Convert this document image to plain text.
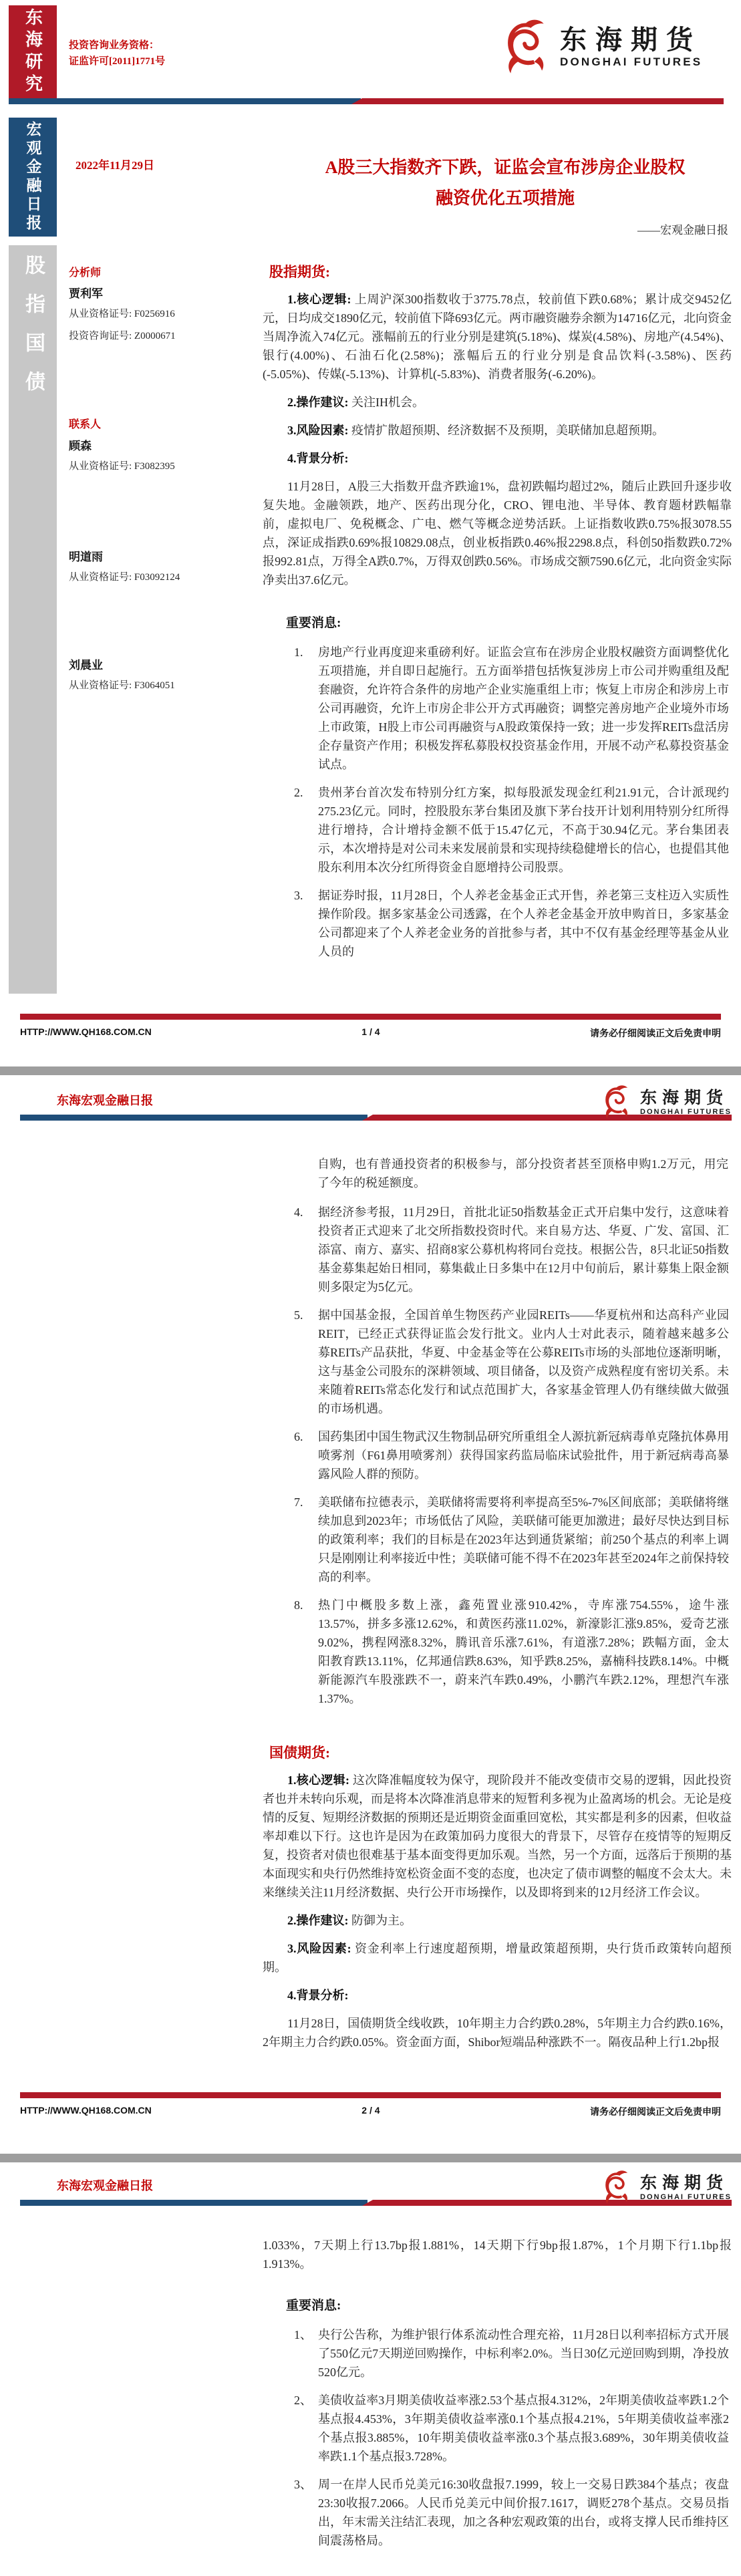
东海研究	投资咨询业务资格：
证监许可[2011]1771号
东海期货
DONGHAI FUTURES
宏观金融日报
股指国债
2022年11月29日	A股三大指数齐下跌，证监会宣布涉房企业股权
融资优化五项措施
——宏观金融日报
分析师
贾利军
从业资格证号: F0256916
投资咨询证号: Z0000671
联系人
顾森
从业资格证号: F3082395
明道雨
从业资格证号: F03092124
刘晨业
从业资格证号: F3064051
股指期货:
1.核心逻辑: 上周沪深300指数收于3775.78点，较前值下跌0.68%；累计成交9452亿元，日均成交1890亿元，较前值下降693亿元。两市融资融券余额为14716亿元，北向资金当周净流入74亿元。涨幅前五的行业分别是建筑(5.18%)、煤炭(4.58%)、房地产(4.54%)、银行(4.00%)、石油石化(2.58%)；涨幅后五的行业分别是食品饮料(-3.58%)、医药(-5.05%)、传媒(-5.13%)、计算机(-5.83%)、消费者服务(-6.20%)。
2.操作建议: 关注IH机会。
3.风险因素: 疫情扩散超预期、经济数据不及预期，美联储加息超预期。
4.背景分析:
11月28日，A股三大指数开盘齐跌逾1%，盘初跌幅均超过2%，随后止跌回升逐步收复失地。金融领跌，地产、医药出现分化，CRO、锂电池、半导体、教育题材跌幅靠前，虚拟电厂、免税概念、广电、燃气等概念逆势活跃。上证指数收跌0.75%报3078.55点，深证成指跌0.69%报10829.08点，创业板指跌0.46%报2298.8点，科创50指数跌0.72%报992.81点，万得全A跌0.7%，万得双创跌0.56%。市场成交额7590.6亿元，北向资金实际净卖出37.6亿元。
重要消息:
1.	房地产行业再度迎来重磅利好。证监会宣布在涉房企业股权融资方面调整优化五项措施，并自即日起施行。五方面举措包括恢复涉房上市公司并购重组及配套融资，允许符合条件的房地产企业实施重组上市；恢复上市房企和涉房上市公司再融资，允许上市房企非公开方式再融资；调整完善房地产企业境外市场上市政策，H股上市公司再融资与A股政策保持一致；进一步发挥REITs盘活房企存量资产作用；积极发挥私募股权投资基金作用，开展不动产私募投资基金试点。
2.	贵州茅台首次发布特别分红方案，拟每股派发现金红利21.91元，合计派现约275.23亿元。同时，控股股东茅台集团及旗下茅台技开计划利用特别分红所得进行增持，合计增持金额不低于15.47亿元，不高于30.94亿元。茅台集团表示，本次增持是对公司未来发展前景和实现持续稳健增长的信心，也提倡其他股东利用本次分红所得资金自愿增持公司股票。
3.	据证券时报，11月28日，个人养老金基金正式开售，养老第三支柱迈入实质性操作阶段。据多家基金公司透露，在个人养老金基金开放申购首日，多家基金公司都迎来了个人养老金业务的首批参与者，其中不仅有基金经理等基金从业人员的
HTTP://WWW.QH168.COM.CN	1 / 4	请务必仔细阅读正文后免责申明
东海宏观金融日报	东海期货
DONGHAI FUTURES
自购，也有普通投资者的积极参与，部分投资者甚至顶格申购1.2万元，用完了今年的税延额度。
4.	据经济参考报，11月29日，首批北证50指数基金正式开启集中发行，这意味着投资者正式迎来了北交所指数投资时代。来自易方达、华夏、广发、富国、汇添富、南方、嘉实、招商8家公募机构将同台竞技。根据公告，8只北证50指数基金募集起始日相同，募集截止日多集中在12月中旬前后，累计募集上限金额则多限定为5亿元。
5.	据中国基金报，全国首单生物医药产业园REITs——华夏杭州和达高科产业园REIT，已经正式获得证监会发行批文。业内人士对此表示，随着越来越多公募REITs产品获批，华夏、中金基金等在公募REITs市场的头部地位逐渐明晰，这与基金公司股东的深耕领域、项目储备，以及资产成熟程度有密切关系。未来随着REITs常态化发行和试点范围扩大，各家基金管理人仍有继续做大做强的市场机遇。
6.	国药集团中国生物武汉生物制品研究所重组全人源抗新冠病毒单克隆抗体鼻用喷雾剂（F61鼻用喷雾剂）获得国家药监局临床试验批件，用于新冠病毒高暴露风险人群的预防。
7.	美联储布拉德表示，美联储将需要将利率提高至5%-7%区间底部；美联储将继续加息到2023年；市场低估了风险，美联储可能更加激进；最好尽快达到目标的政策利率；我们的目标是在2023年达到通货紧缩；前250个基点的利率上调只是刚刚让利率接近中性；美联储可能不得不在2023年甚至2024年之前保持较高的利率。
8.	热门中概股多数上涨，鑫苑置业涨910.42%，寺库涨754.55%，途牛涨13.57%，拼多多涨12.62%，和黄医药涨11.02%，新濠影汇涨9.85%，爱奇艺涨9.02%，携程网涨8.32%，腾讯音乐涨7.61%，有道涨7.28%；跌幅方面，金太阳教育跌13.11%，亿邦通信跌8.63%，知乎跌8.25%，嘉楠科技跌8.14%。中概新能源汽车股涨跌不一，蔚来汽车跌0.49%，小鹏汽车跌2.12%，理想汽车涨1.37%。
国债期货:
1.核心逻辑: 这次降准幅度较为保守，现阶段并不能改变债市交易的逻辑，因此投资者也并未转向乐观，而是将本次降准消息带来的短暂利多视为止盈离场的机会。无论是疫情的反复、短期经济数据的预期还是近期资金面重回宽松，其实都是利多的因素，但收益率却难以下行。这也许是因为在政策加码力度很大的背景下，尽管存在疫情等的短期反复，投资者对债也很难基于基本面变得更加乐观。当然，另一个方面，远落后于预期的基本面现实和央行仍然维持宽松资金面不变的态度，也决定了债市调整的幅度不会太大。未来继续关注11月经济数据、央行公开市场操作，以及即将到来的12月经济工作会议。
2.操作建议: 防御为主。
3.风险因素: 资金利率上行速度超预期，增量政策超预期，央行货币政策转向超预期。
4.背景分析:
11月28日，国债期货全线收跌，10年期主力合约跌0.28%，5年期主力合约跌0.16%，2年期主力合约跌0.05%。资金面方面，Shibor短端品种涨跌不一。隔夜品种上行1.2bp报
HTTP://WWW.QH168.COM.CN	2 / 4	请务必仔细阅读正文后免责申明
东海宏观金融日报	东海期货
DONGHAI FUTURES
1.033%，7天期上行13.7bp报1.881%，14天期下行9bp报1.87%，1个月期下行1.1bp报1.913%。
重要消息:
1、 央行公告称，为维护银行体系流动性合理充裕，11月28日以利率招标方式开展了550亿元7天期逆回购操作，中标利率2.0%。当日30亿元逆回购到期，净投放520亿元。
2、 美债收益率3月期美债收益率涨2.53个基点报4.312%，2年期美债收益率跌1.2个基点报4.453%，3年期美债收益率涨0.1个基点报4.21%，5年期美债收益率涨2个基点报3.885%，10年期美债收益率涨0.3个基点报3.689%，30年期美债收益率跌1.1个基点报3.728%。
3、 周一在岸人民币兑美元16:30收盘报7.1999，较上一交易日跌384个基点；夜盘23:30收报7.2066。人民币兑美元中间价报7.1617，调贬278个基点。交易员指出，年末需关注结汇表现，加之各种宏观政策的出台，或将支撑人民币维持区间震荡格局。
